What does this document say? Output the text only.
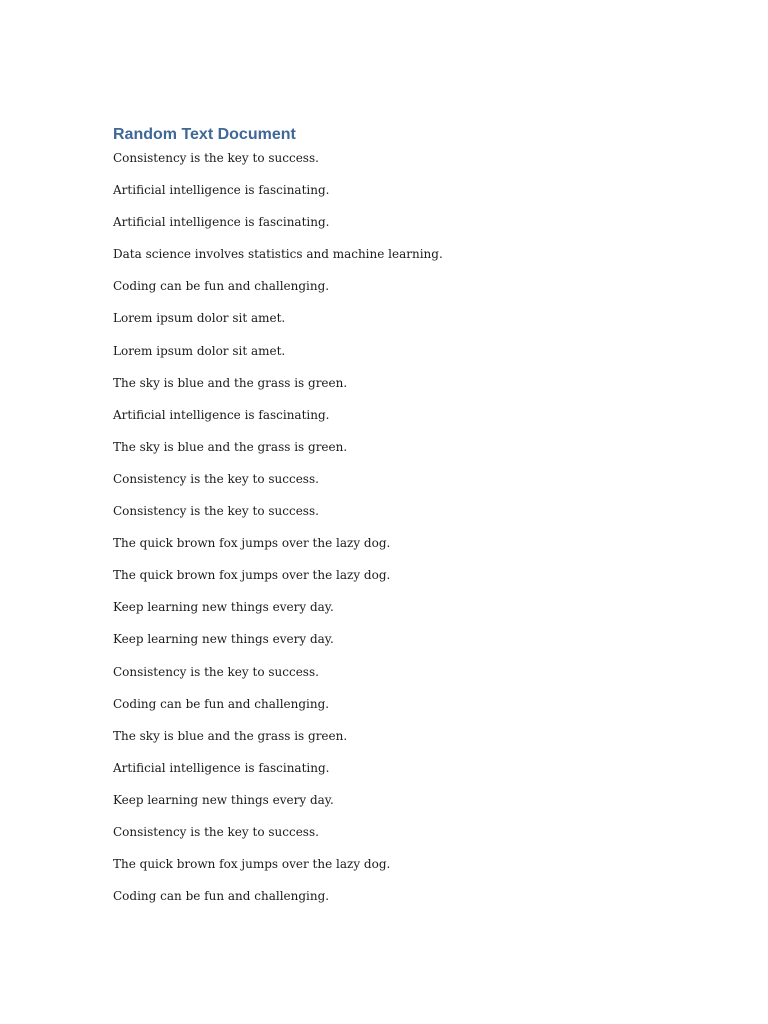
Random Text Document
Consistency is the key to success.
Artificial intelligence is fascinating.
Artificial intelligence is fascinating.
Data science involves statistics and machine learning.
Coding can be fun and challenging.
Lorem ipsum dolor sit amet.
Lorem ipsum dolor sit amet.
The sky is blue and the grass is green.
Artificial intelligence is fascinating.
The sky is blue and the grass is green.
Consistency is the key to success.
Consistency is the key to success.
The quick brown fox jumps over the lazy dog.
The quick brown fox jumps over the lazy dog.
Keep learning new things every day.
Keep learning new things every day.
Consistency is the key to success.
Coding can be fun and challenging.
The sky is blue and the grass is green.
Artificial intelligence is fascinating.
Keep learning new things every day.
Consistency is the key to success.
The quick brown fox jumps over the lazy dog.
Coding can be fun and challenging.
